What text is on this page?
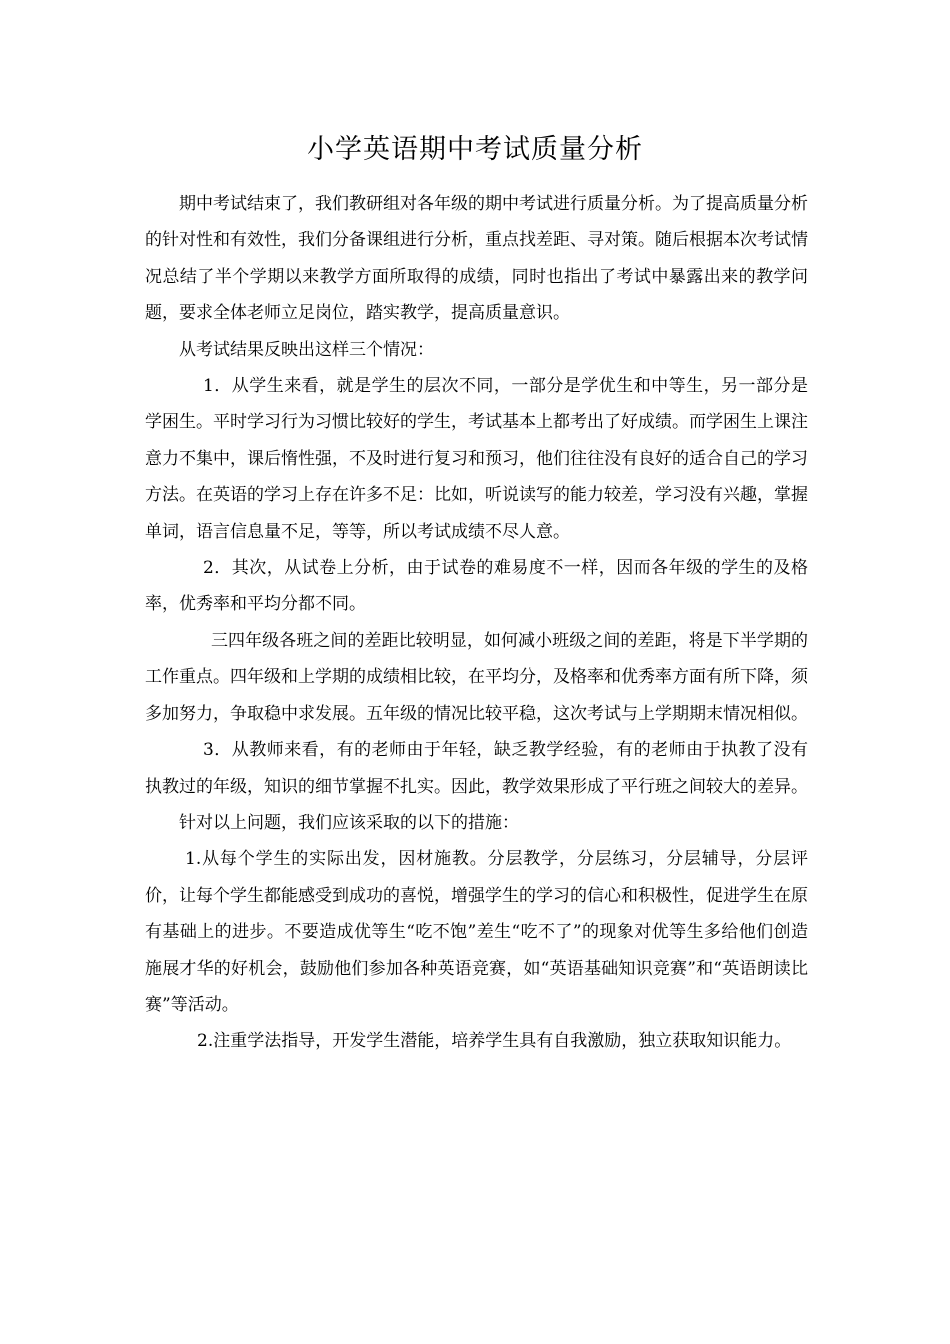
小学英语期中考试质量分析

期中考试结束了，我们教研组对各年级的期中考试进行质量分析。为了提高质量分析的针对性和有效性，我们分备课组进行分析，重点找差距、寻对策。随后根据本次考试情况总结了半个学期以来教学方面所取得的成绩，同时也指出了考试中暴露出来的教学问题，要求全体老师立足岗位，踏实教学，提高质量意识。

从考试结果反映出这样三个情况：

1．从学生来看，就是学生的层次不同，一部分是学优生和中等生，另一部分是学困生。平时学习行为习惯比较好的学生，考试基本上都考出了好成绩。而学困生上课注意力不集中，课后惰性强，不及时进行复习和预习，他们往往没有良好的适合自己的学习方法。在英语的学习上存在许多不足：比如，听说读写的能力较差，学习没有兴趣，掌握单词，语言信息量不足，等等，所以考试成绩不尽人意。

2．其次，从试卷上分析，由于试卷的难易度不一样，因而各年级的学生的及格率，优秀率和平均分都不同。

三四年级各班之间的差距比较明显，如何减小班级之间的差距，将是下半学期的工作重点。四年级和上学期的成绩相比较，在平均分，及格率和优秀率方面有所下降，须多加努力，争取稳中求发展。五年级的情况比较平稳，这次考试与上学期期末情况相似。

3．从教师来看，有的老师由于年轻，缺乏教学经验，有的老师由于执教了没有执教过的年级，知识的细节掌握不扎实。因此，教学效果形成了平行班之间较大的差异。

针对以上问题，我们应该采取的以下的措施：

1.从每个学生的实际出发，因材施教。分层教学，分层练习，分层辅导，分层评价，让每个学生都能感受到成功的喜悦，增强学生的学习的信心和积极性，促进学生在原有基础上的进步。不要造成优等生“吃不饱”差生“吃不了”的现象对优等生多给他们创造施展才华的好机会，鼓励他们参加各种英语竞赛，如“英语基础知识竞赛”和“英语朗读比赛”等活动。

2.注重学法指导，开发学生潜能，培养学生具有自我激励，独立获取知识能力。
